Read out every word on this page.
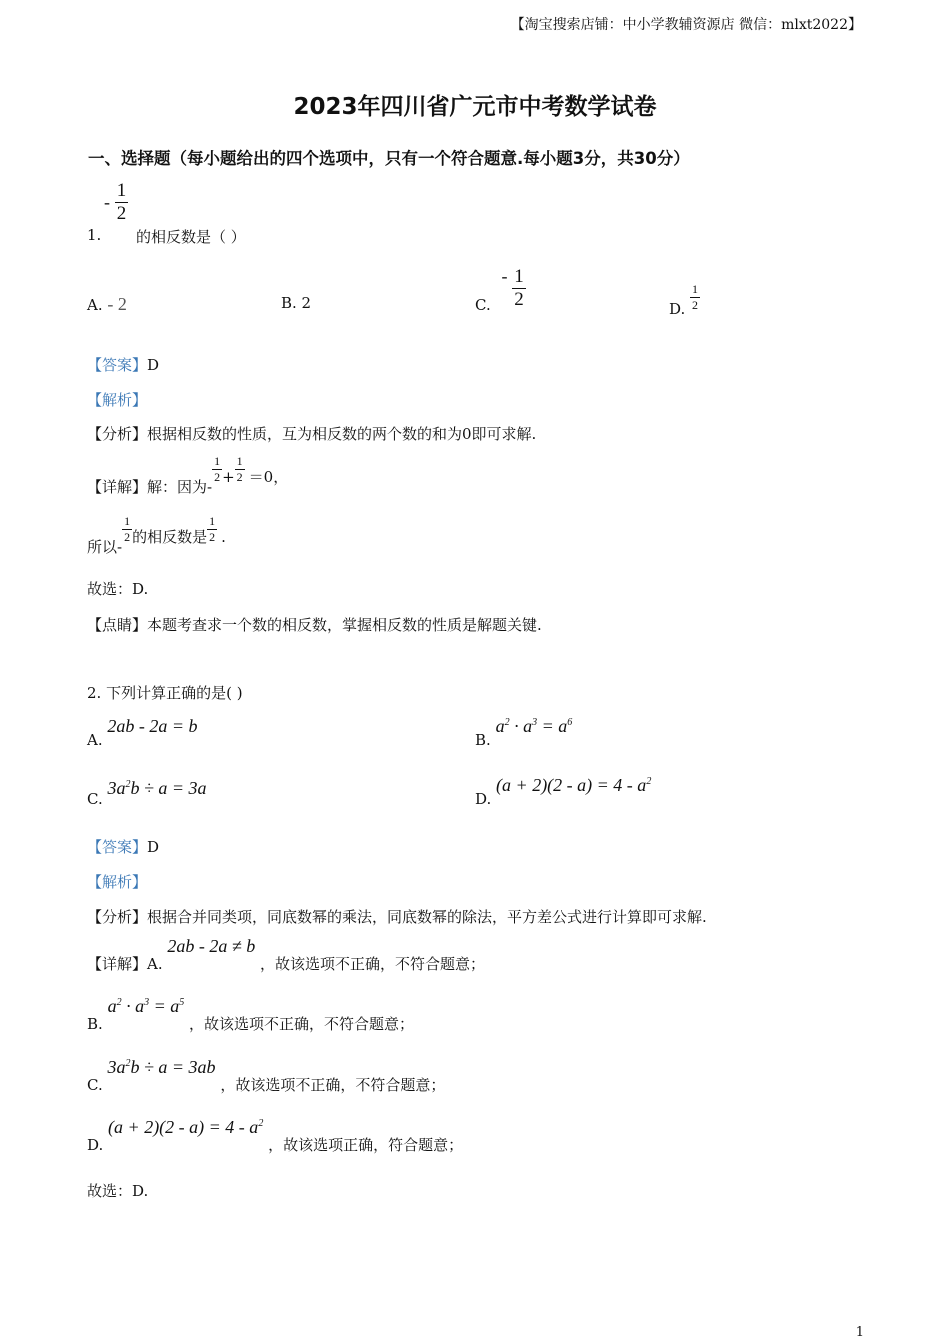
【淘宝搜索店铺：中小学教辅资源店 微信：mlxt2022】
2023年四川省广元市中考数学试卷
一、选择题（每小题给出的四个选项中，只有一个符合题意.每小题3分，共30分）
- $\frac{1}{2}$
1. 的相反数是（ ）
A. - 2	B. 2	C. - $\frac{1}{2}$	D. $\frac{1}{2}$
【答案】D
【解析】
【分析】根据相反数的性质，互为相反数的两个数的和为0即可求解.
【详解】解：因为-
$\frac{1}{2} + \frac{1}{2} =0$，
所以-
$\frac{1}{2}$ 的相反数是 $\frac{1}{2}$ .
故选：D.
【点睛】本题考查求一个数的相反数，掌握相反数的性质是解题关键.
2. 下列计算正确的是( )
A. 2ab - 2a = b
B. $a^2 \cdot a^3 = a^6$
C. $3a^2b \div a = 3a$
D. $(a + 2)(2 - a) = 4 - a^2$
【答案】D
【解析】
【分析】根据合并同类项，同底数幂的乘法，同底数幂的除法，平方差公式进行计算即可求解.
【详解】A. 2ab - 2a ≠ b ，故该选项不正确，不符合题意；
B. $a^2 \cdot a^3 = a^5$ ，故该选项不正确，不符合题意；
C. $3a^2b \div a = 3ab$ ，故该选项不正确，不符合题意；
D. $(a + 2)(2 - a) = 4 - a^2$ ，故该选项正确，符合题意；
故选：D.
1
